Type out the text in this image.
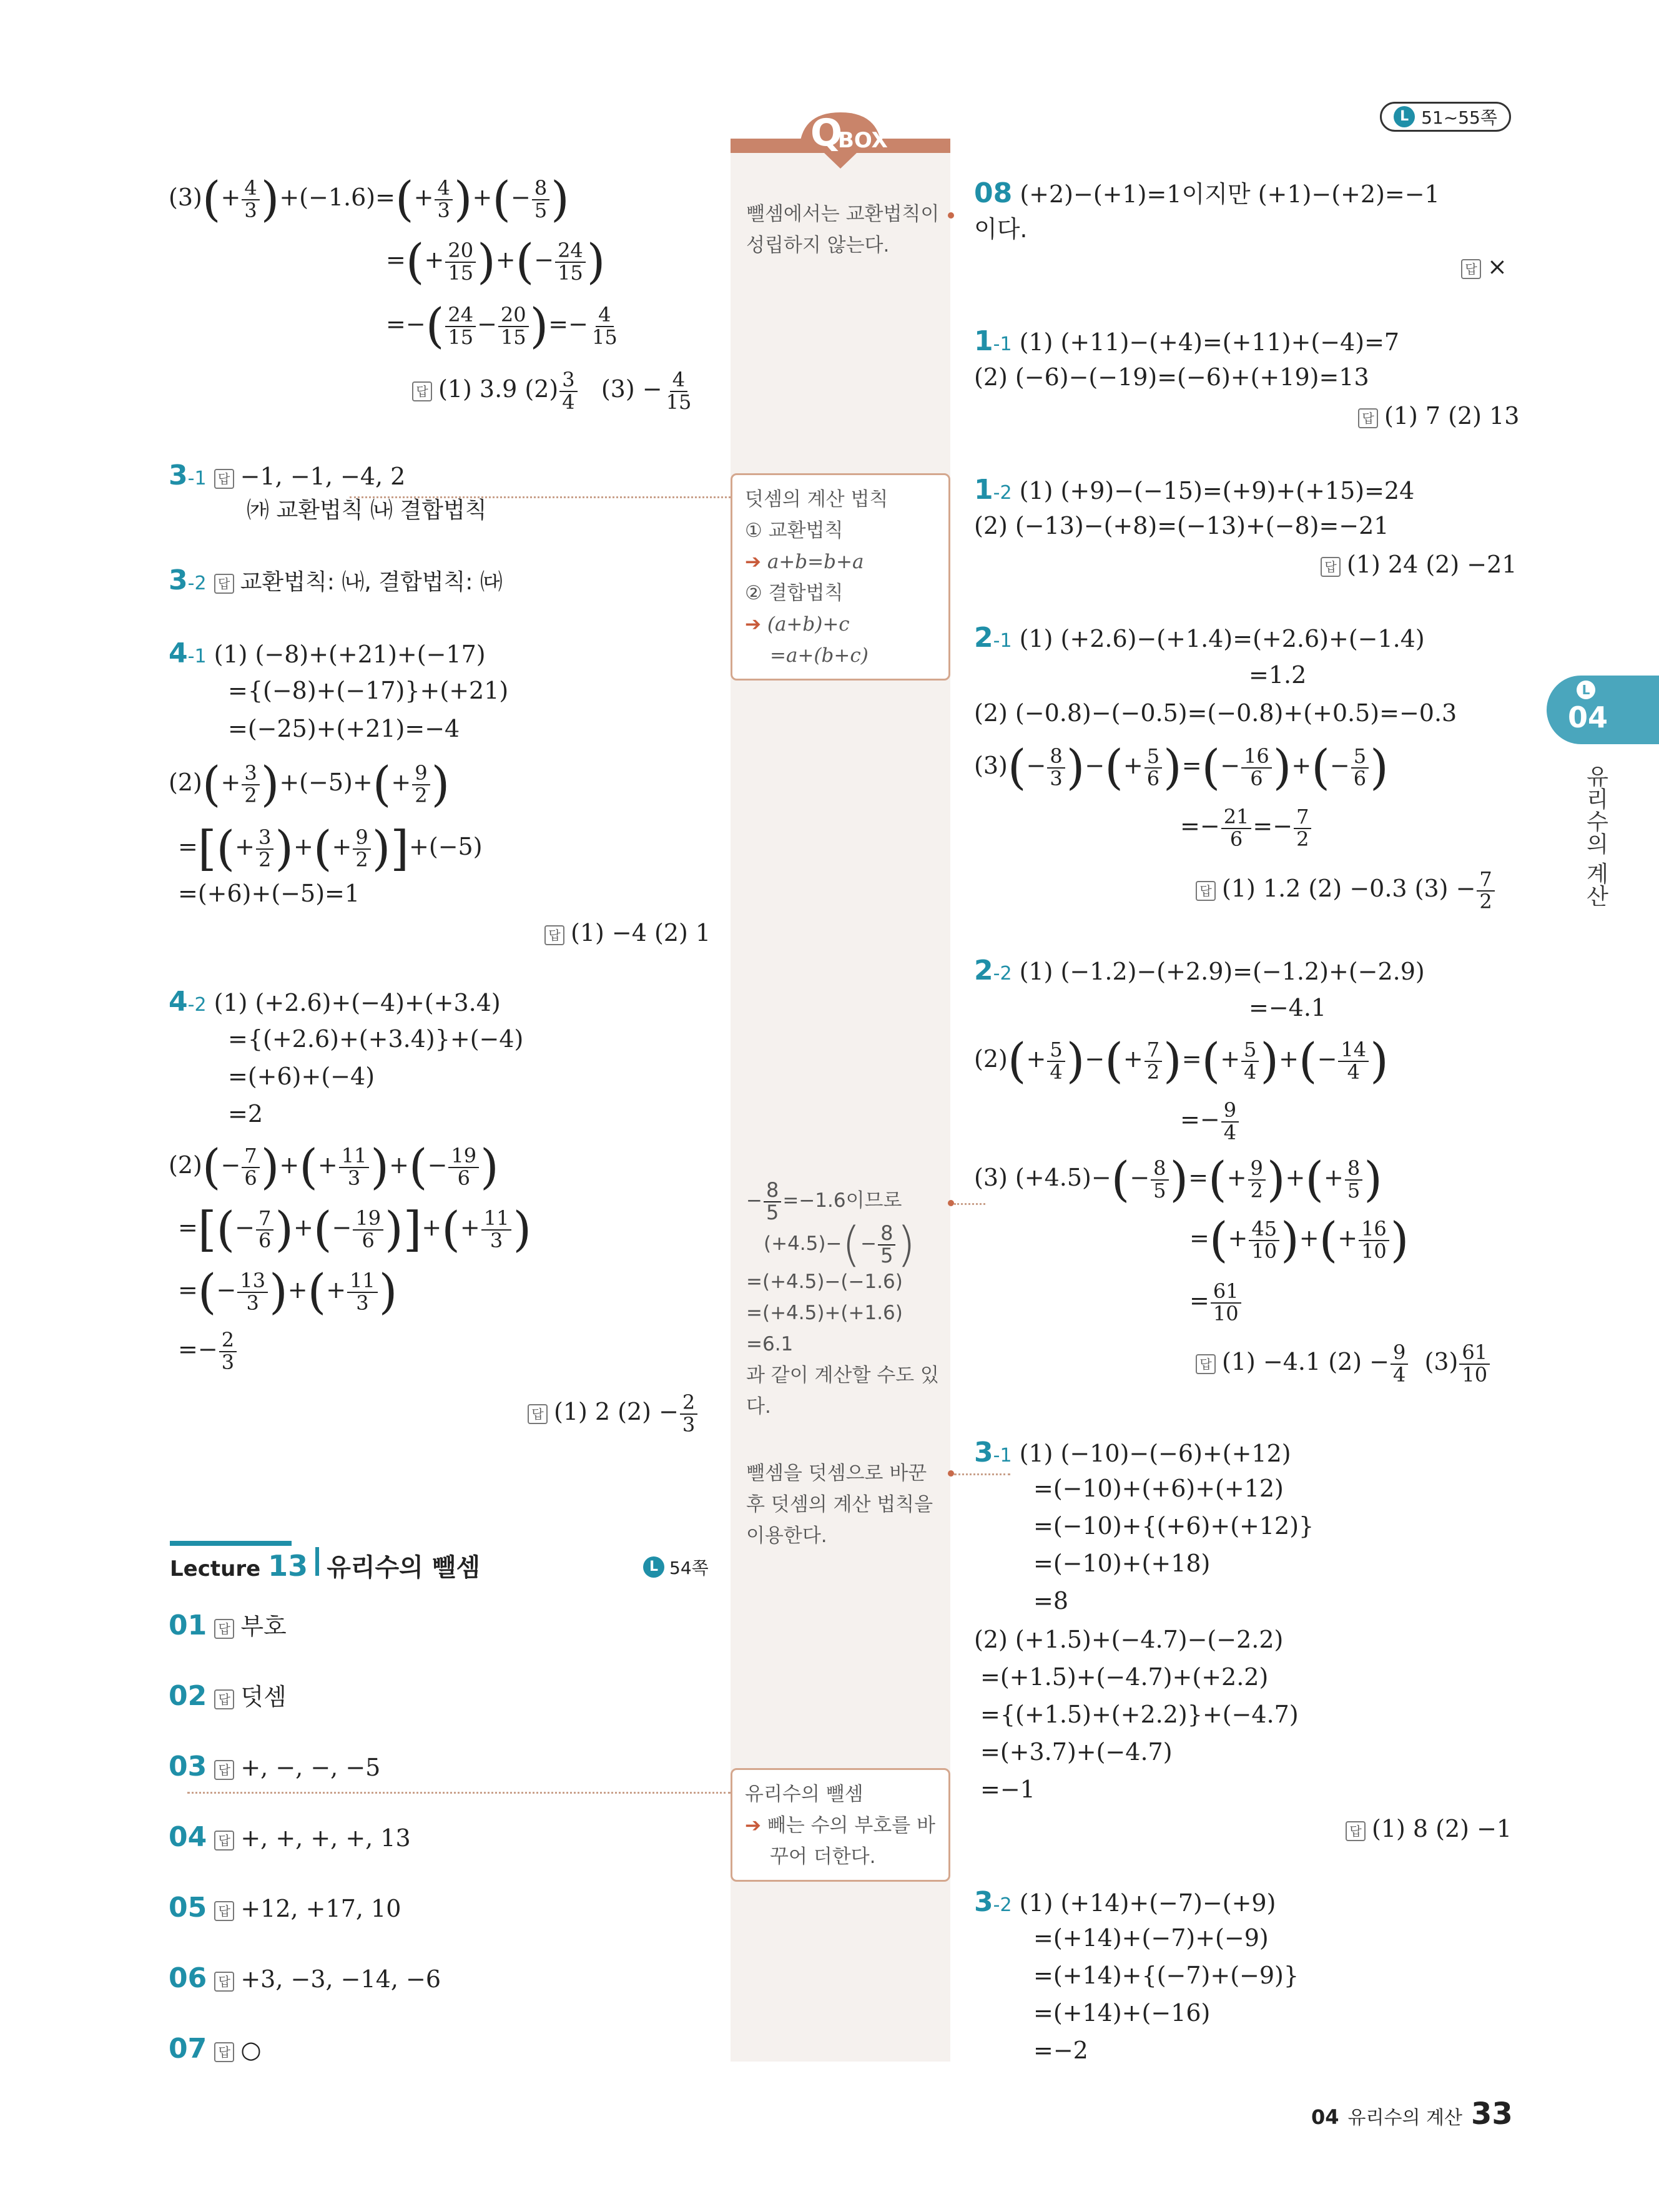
L 51~55쪽
Q
BOX
뺄셈에서는 교환법칙이
성립하지 않는다.
덧셈의 계산 법칙
① 교환법칙
➔ a+b=b+a
② 결합법칙
➔ (a+b)+c
=a+(b+c)
− $\frac{8}{5} =-1.6$이므로
$(+4.5)-(- \frac{8}{5}$ )
=(+4.5)−(−1.6)
=(+4.5)+(+1.6)
=6.1
과 같이 계산할 수도 있
다.
뺄셈을 덧셈으로 바꾼
후 덧셈의 계산 법칙을
이용한다.
유리수의 뺄셈
➔ 빼는 수의 부호를 바
꾸어 더한다.
$(3)(+ \frac{4}{3} )+(-1.6)=(+ \frac{4}{3}$ )+(− $\frac{8}{5}$ )
=(+ $\frac{20}{15}$ )+(− $\frac{24}{15}$ )
=−( $\frac{24}{15} - \frac{20}{15}$ )=− $\frac{4}{15}$
답 (1) 3.9 $(2) \frac{3}{4} (3) - \frac{4}{15}$
3-1 답 −1, −1, −4, 2
㈎ 교환법칙 ㈏ 결합법칙
3-2 답 교환법칙: ㈏, 결합법칙: ㈐
4-1 (1) (−8)+(+21)+(−17)
={(−8)+(−17)}+(+21)
=(−25)+(+21)=−4
$(2)(+ \frac{3}{2} )+(-5)+(+ \frac{9}{2}$ )
=[(+ $\frac{3}{2}$ )+(+ $\frac{9}{2} )]+(-5)$
=(+6)+(−5)=1
답 (1) −4 (2) 1
4-2 (1) (+2.6)+(−4)+(+3.4)
={(+2.6)+(+3.4)}+(−4)
=(+6)+(−4)
=2
$(2)(- \frac{7}{6}$ )+(+ $\frac{11}{3}$ )+(− $\frac{19}{6}$ )
=[(− $\frac{7}{6}$ )+(− $\frac{19}{6}$ )]+(+ $\frac{11}{3}$ )
=(− $\frac{13}{3}$ )+(+ $\frac{11}{3}$ )
=− $\frac{2}{3}$
답 (1) 2 $(2) - \frac{2}{3}$
Lecture 13 유리수의 뺄셈	L 54쪽
01 답 부호
02 답 덧셈
03 답 +, −, −, −5
04 답 +, +, +, +, 13
05 답 +12, +17, 10
06 답 +3, −3, −14, −6
07 답 ○
08 (+2)−(+1)=1이지만 (+1)−(+2)=−1
이다.
답 ×
1-1 (1) (+11)−(+4)=(+11)+(−4)=7
(2) (−6)−(−19)=(−6)+(+19)=13
답 (1) 7 (2) 13
1-2 (1) (+9)−(−15)=(+9)+(+15)=24
(2) (−13)−(+8)=(−13)+(−8)=−21
답 (1) 24 (2) −21
2-1 (1) (+2.6)−(+1.4)=(+2.6)+(−1.4)
=1.2
(2) (−0.8)−(−0.5)=(−0.8)+(+0.5)=−0.3
$(3)(- \frac{8}{3}$ )−(+ $\frac{5}{6}$ )=(− $\frac{16}{6}$ )+(− $\frac{5}{6}$ )
=− $\frac{21}{6} =- \frac{7}{2}$
답 (1) 1.2 (2) −0.3 $(3) - \frac{7}{2}$
2-2 (1) (−1.2)−(+2.9)=(−1.2)+(−2.9)
=−4.1
$(2)(+ \frac{5}{4}$ )−(+ $\frac{7}{2}$ )=(+ $\frac{5}{4}$ )+(− $\frac{14}{4}$ )
=− $\frac{9}{4}$
(3) $(+4.5)-(- \frac{8}{5}$ )=(+ $\frac{9}{2}$ )+(+ $\frac{8}{5}$ )
=(+ $\frac{45}{10}$ )+(+ $\frac{16}{10}$ )
= $\frac{61}{10}$
답 (1) −4.1 $(2) - \frac{9}{4} (3) \frac{61}{10}$
3-1 (1) (−10)−(−6)+(+12)
=(−10)+(+6)+(+12)
=(−10)+{(+6)+(+12)}
=(−10)+(+18)
=8
(2) (+1.5)+(−4.7)−(−2.2)
=(+1.5)+(−4.7)+(+2.2)
={(+1.5)+(+2.2)}+(−4.7)
=(+3.7)+(−4.7)
=−1
답 (1) 8 (2) −1
3-2 (1) (+14)+(−7)−(+9)
=(+14)+(−7)+(−9)
=(+14)+{(−7)+(−9)}
=(+14)+(−16)
=−2
L
04
유리수의 계산
04 유리수의 계산 33
